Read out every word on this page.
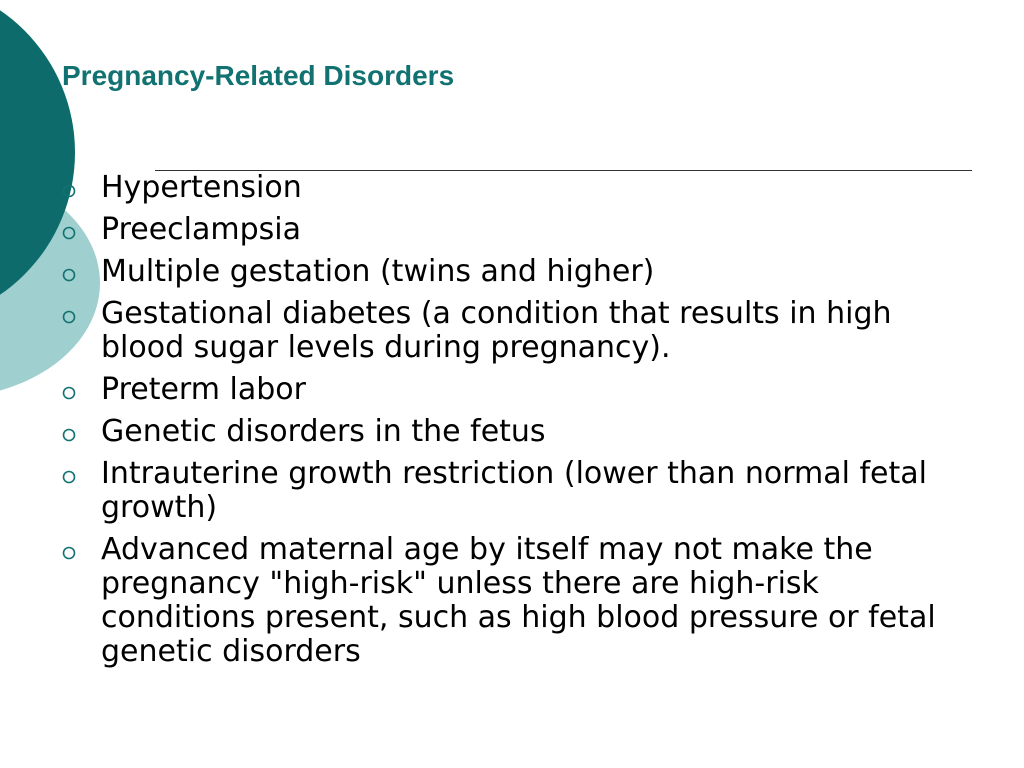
Pregnancy-Related Disorders
Hypertension
Preeclampsia
Multiple gestation (twins and higher)
Gestational diabetes (a condition that results in high blood sugar levels during pregnancy).
Preterm labor
Genetic disorders in the fetus
Intrauterine growth restriction (lower than normal fetal growth)
Advanced maternal age by itself may not make the pregnancy "high-risk" unless there are high-risk conditions present, such as high blood pressure or fetal genetic disorders
